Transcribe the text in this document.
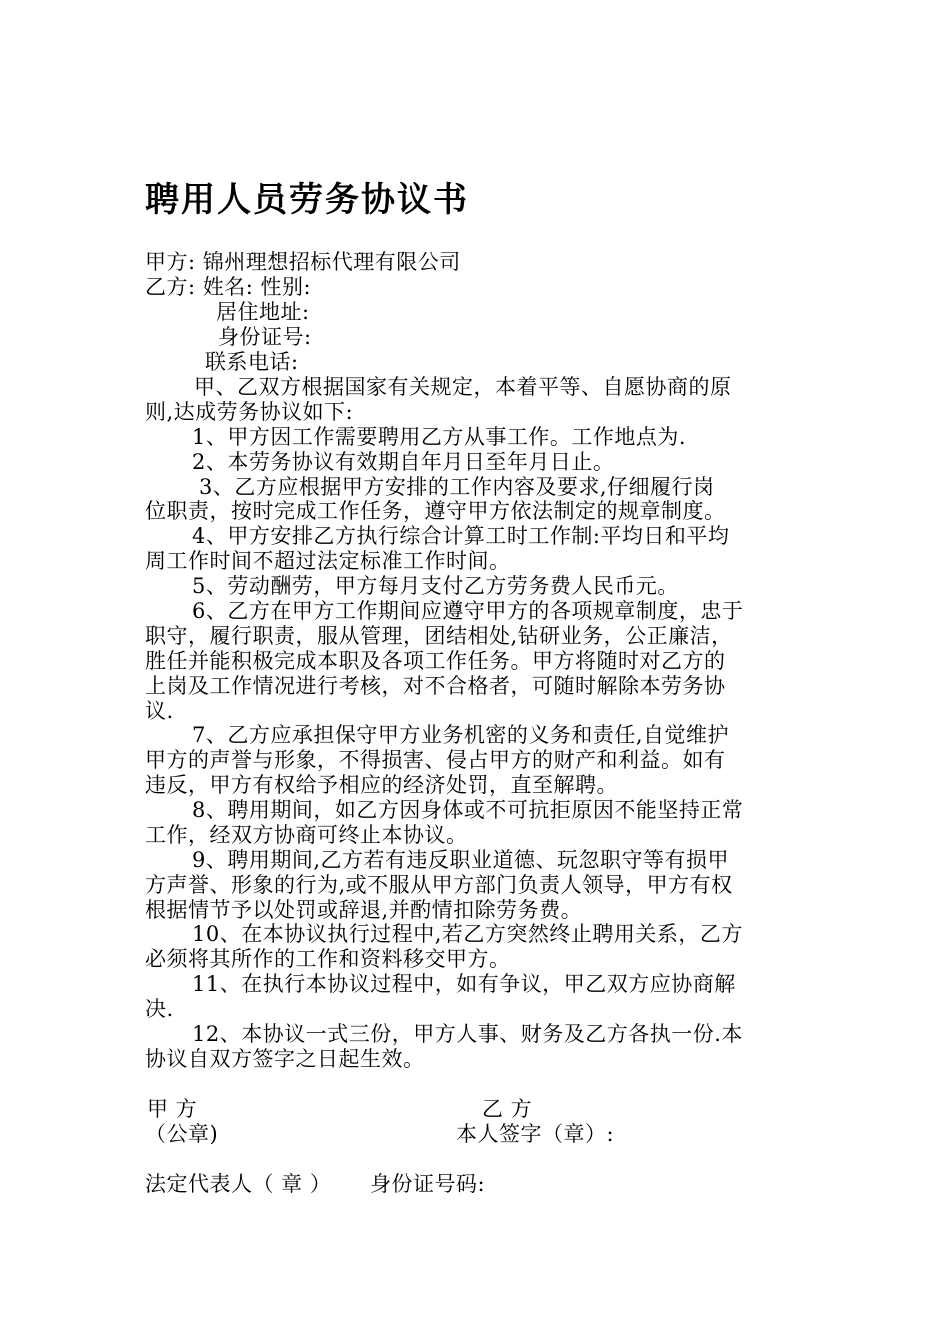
聘用人员劳务协议书
甲方: 锦州理想招标代理有限公司
乙方: 姓名: 性别:
居住地址:
身份证号:
联系电话:
甲、乙双方根据国家有关规定，本着平等、自愿协商的原
则,达成劳务协议如下:
1、甲方因工作需要聘用乙方从事工作。工作地点为.
2、本劳务协议有效期自年月日至年月日止。
3、乙方应根据甲方安排的工作内容及要求,仔细履行岗
位职责，按时完成工作任务，遵守甲方依法制定的规章制度。
4、甲方安排乙方执行综合计算工时工作制:平均日和平均
周工作时间不超过法定标准工作时间。
5、劳动酬劳，甲方每月支付乙方劳务费人民币元。
6、乙方在甲方工作期间应遵守甲方的各项规章制度，忠于
职守，履行职责，服从管理，团结相处,钻研业务，公正廉洁，
胜任并能积极完成本职及各项工作任务。甲方将随时对乙方的
上岗及工作情况进行考核，对不合格者，可随时解除本劳务协
议.
7、乙方应承担保守甲方业务机密的义务和责任,自觉维护
甲方的声誉与形象，不得损害、侵占甲方的财产和利益。如有
违反，甲方有权给予相应的经济处罚，直至解聘。
8、聘用期间，如乙方因身体或不可抗拒原因不能坚持正常
工作，经双方协商可终止本协议。
9、聘用期间,乙方若有违反职业道德、玩忽职守等有损甲
方声誉、形象的行为,或不服从甲方部门负责人领导，甲方有权
根据情节予以处罚或辞退,并酌情扣除劳务费。
10、在本协议执行过程中,若乙方突然终止聘用关系，乙方
必须将其所作的工作和资料移交甲方。
11、在执行本协议过程中，如有争议，甲乙双方应协商解
决.
12、本协议一式三份，甲方人事、财务及乙方各执一份.本
协议自双方签字之日起生效。
甲 方	乙 方
（公章)	本人签字（章）:
法定代表人（ 章 ） 身份证号码:
